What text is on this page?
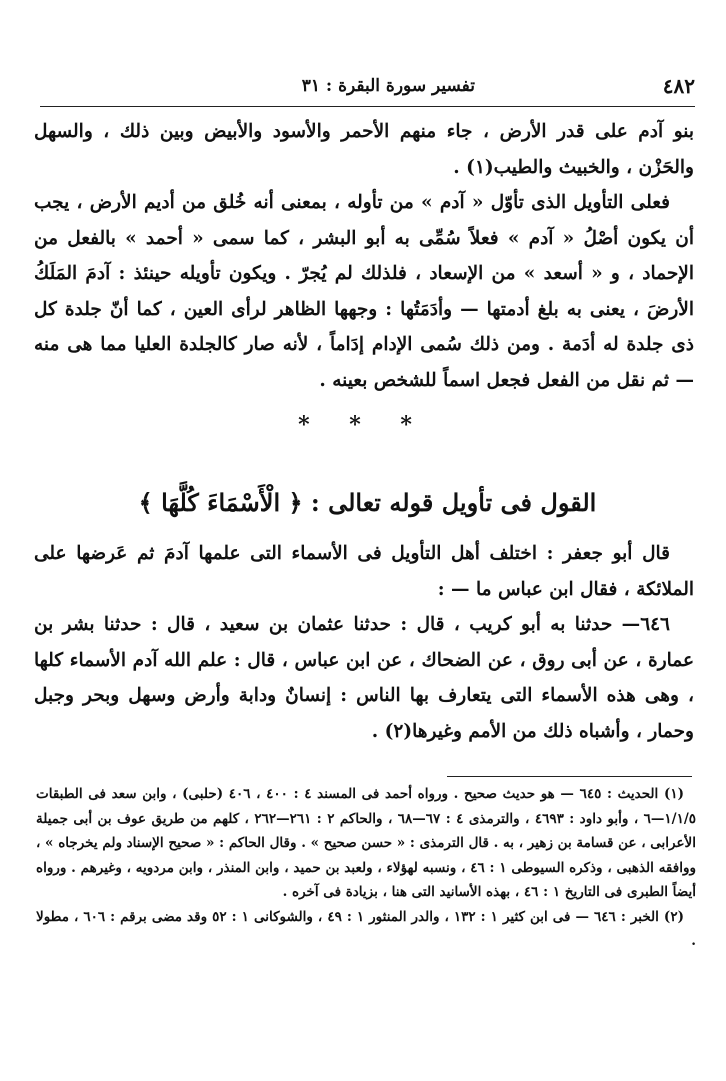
٤٨٢
تفسير سورة البقرة : ٣١

بنو آدم على قدر الأرض ، جاء منهم الأحمر والأسود والأبيض وبين ذلك ، والسهل والحَزْن ، والخبيث والطيب(١) .

فعلى التأويل الذى تأوّل « آدم » من تأوله ، بمعنى أنه خُلق من أديم الأرض ، يجب أن يكون أصْلُ « آدم » فعلاً سُمِّى به أبو البشر ، كما سمى « أحمد » بالفعل من الإحماد ، و « أسعد » من الإسعاد ، فلذلك لم يُجرّ . ويكون تأويله حينئذ : آدمَ المَلَكُ الأرضَ ، يعنى به بلغ أدمتها — وأدَمَتُها : وجهها الظاهر لرأى العين ، كما أنّ جلدة كل ذى جلدة له أدَمة . ومن ذلك سُمى الإدام إدَاماً ، لأنه صار كالجلدة العليا مما هى منه — ثم نقل من الفعل فجعل اسماً للشخص بعينه .

* * *
القول فى تأويل قوله تعالى : ﴿ الْأَسْمَاءَ كُلَّهَا ﴾

قال أبو جعفر : اختلف أهل التأويل فى الأسماء التى علمها آدمَ ثم عَرضها على الملائكة ، فقال ابن عباس ما — :

٦٤٦— حدثنا به أبو كريب ، قال : حدثنا عثمان بن سعيد ، قال : حدثنا بشر بن عمارة ، عن أبى روق ، عن الضحاك ، عن ابن عباس ، قال : علم الله آدم الأسماء كلها ، وهى هذه الأسماء التى يتعارف بها الناس : إنسانٌ ودابة وأرض وسهل وبحر وجبل وحمار ، وأشباه ذلك من الأمم وغيرها(٢) .

(١) الحديث : ٦٤٥ — هو حديث صحيح . ورواه أحمد فى المسند ٤ : ٤٠٠ ، ٤٠٦ (حلبى) ، وابن سعد فى الطبقات ١/١/٥—٦ ، وأبو داود : ٤٦٩٣ ، والترمذى ٤ : ٦٧—٦٨ ، والحاكم ٢ : ٢٦١—٢٦٢ ، كلهم من طريق عوف بن أبى جميلة الأعرابى ، عن قسامة بن زهير ، به . قال الترمذى : « حسن صحيح » . وقال الحاكم : « صحيح الإسناد ولم يخرجاه » ، ووافقه الذهبى ، وذكره السيوطى ١ : ٤٦ ، ونسبه لهؤلاء ، ولعبد بن حميد ، وابن المنذر ، وابن مردويه ، وغيرهم . ورواه أيضاً الطبرى فى التاريخ ١ : ٤٦ ، بهذه الأسانيد التى هنا ، بزيادة فى آخره .

(٢) الخبر : ٦٤٦ — فى ابن كثير ١ : ١٣٢ ، والدر المنثور ١ : ٤٩ ، والشوكانى ١ : ٥٢ وقد مضى برقم : ٦٠٦ ، مطولا .
